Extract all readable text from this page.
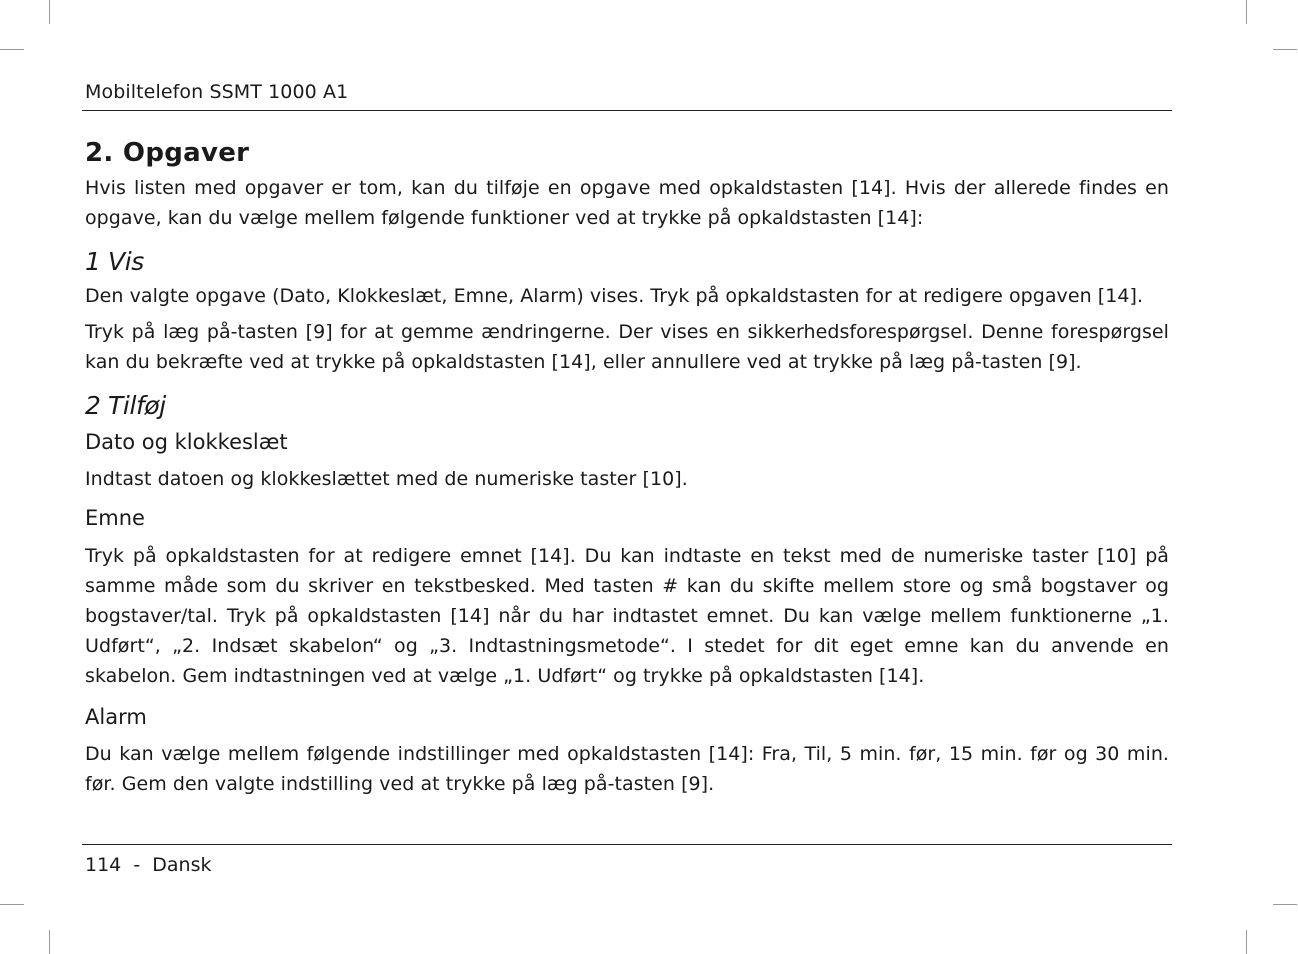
Mobiltelefon SSMT 1000 A1
2. Opgaver

Hvis listen med opgaver er tom, kan du tilføje en opgave med opkaldstasten [14]. Hvis der allerede findes en opgave, kan du vælge mellem følgende funktioner ved at trykke på opkaldstasten [14]:

1 Vis

Den valgte opgave (Dato, Klokkeslæt, Emne, Alarm) vises. Tryk på opkaldstasten for at redigere opgaven [14].

Tryk på læg på-tasten [9] for at gemme ændringerne. Der vises en sikkerhedsforespørgsel. Denne forespørgsel kan du bekræfte ved at trykke på opkaldstasten [14], eller annullere ved at trykke på læg på-tasten [9].

2 Tilføj

Dato og klokkeslæt

Indtast datoen og klokkeslættet med de numeriske taster [10].

Emne

Tryk på opkaldstasten for at redigere emnet [14]. Du kan indtaste en tekst med de numeriske taster [10] på samme måde som du skriver en tekstbesked. Med tasten # kan du skifte mellem store og små bogstaver og bogstaver/tal. Tryk på opkaldstasten [14] når du har indtastet emnet. Du kan vælge mellem funktionerne „1. Udført“, „2. Indsæt skabelon“ og „3. Indtastningsmetode“. I stedet for dit eget emne kan du anvende en skabelon. Gem indtastningen ved at vælge „1. Udført“ og trykke på opkaldstasten [14].

Alarm

Du kan vælge mellem følgende indstillinger med opkaldstasten [14]: Fra, Til, 5 min. før, 15 min. før og 30 min. før. Gem den valgte indstilling ved at trykke på læg på-tasten [9].

114  -  Dansk
